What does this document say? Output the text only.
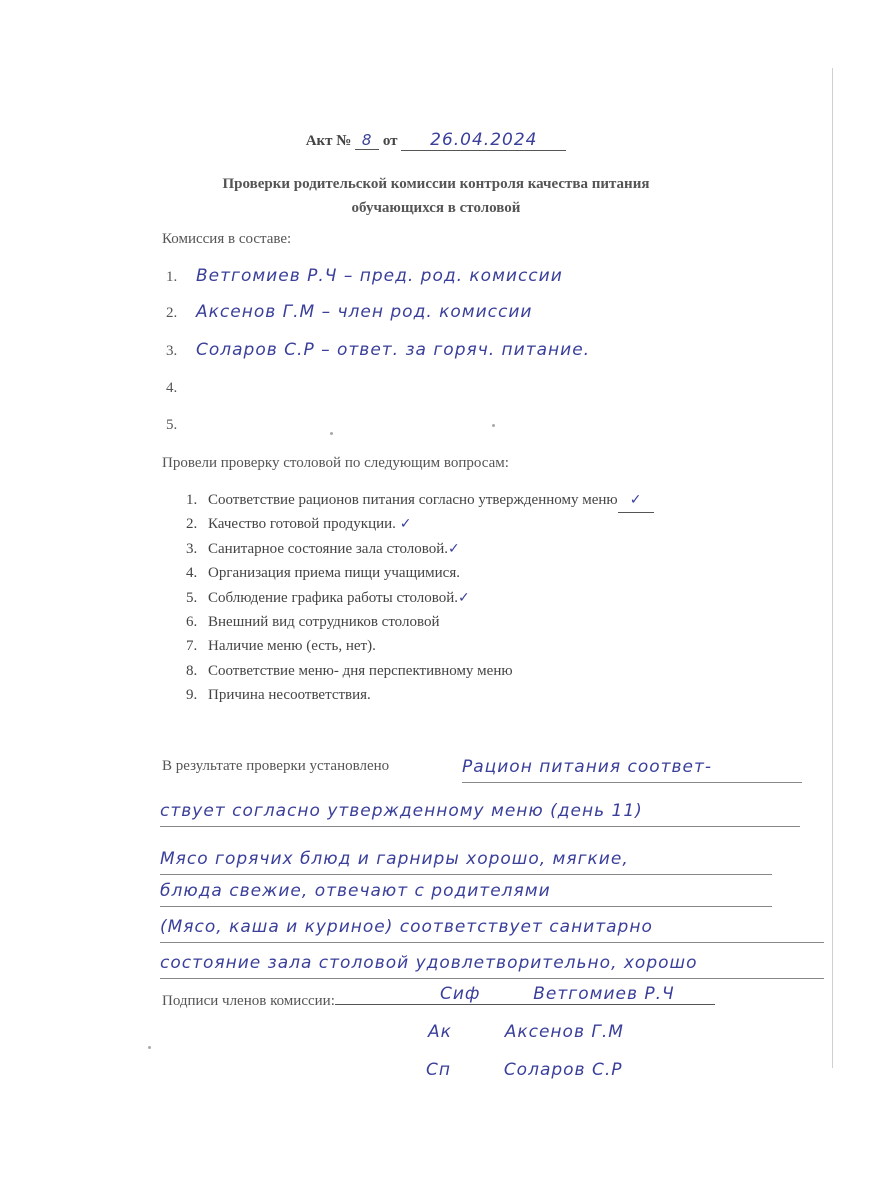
Акт № 8 от 26.04.2024
Проверки родительской комиссии контроля качества питания
обучающихся в столовой
Комиссия в составе:
1. Ветгомиев Р.Ч – пред. род. комиссии
2. Аксенов Г.М – член род. комиссии
3. Соларов С.Р – ответ. за горяч. питание.
4.
5.
Провели проверку столовой по следующим вопросам:
1. Соответствие рационов питания согласно утвержденному меню ✓
2. Качество готовой продукции. ✓
3. Санитарное состояние зала столовой.✓
4. Организация приема пищи учащимися.
5. Соблюдение графика работы столовой.✓
6. Внешний вид сотрудников столовой
7. Наличие меню (есть, нет).
8. Соответствие меню- дня перспективному меню
9. Причина несоответствия.
В результате проверки установлено	Рацион питания соответ-
ствует согласно утвержденному меню (день 11)
Мясо горячих блюд и гарниры хорошо, мягкие,
блюда свежие, отвечают с родителями
(Мясо, каша и куриное) соответствует санитарно
состояние зала столовой удовлетворительно, хорошо
Подписи членов комиссии:	Сиф	Ветгомиев Р.Ч
Ак	Аксенов Г.М
Сп	Соларов С.Р
